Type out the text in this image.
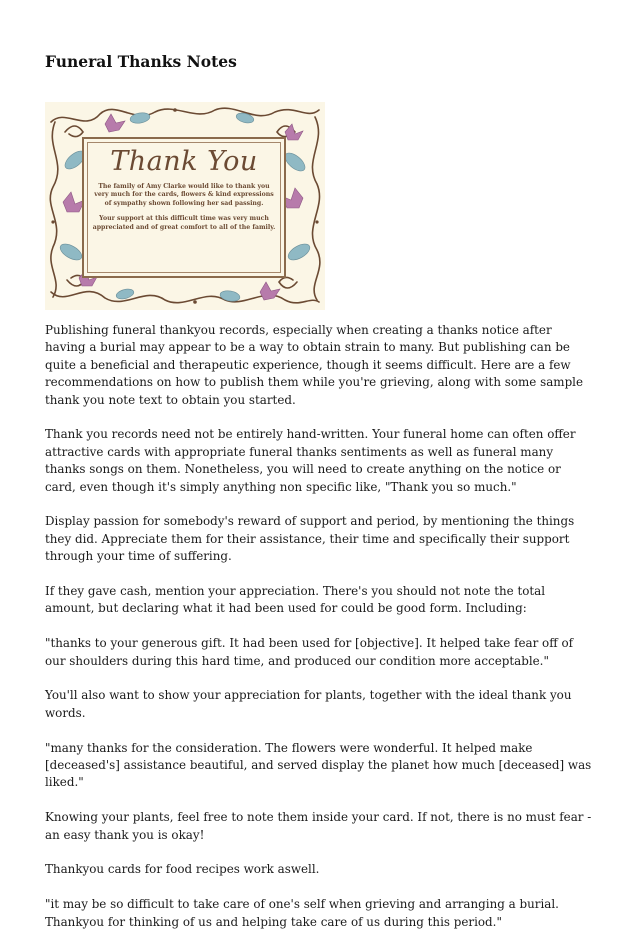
Funeral Thanks Notes
Thank You
The family of Amy Clarke would like to thank you very much for the cards, flowers & kind expressions of sympathy shown following her sad passing.
Your support at this difficult time was very much appreciated and of great comfort to all of the family.

Publishing funeral thankyou records, especially when creating a thanks notice after having a burial may appear to be a way to obtain strain to many. But publishing can be quite a beneficial and therapeutic experience, though it seems difficult. Here are a few recommendations on how to publish them while you're grieving, along with some sample thank you note text to obtain you started.

Thank you records need not be entirely hand-written. Your funeral home can often offer attractive cards with appropriate funeral thanks sentiments as well as funeral many thanks songs on them. Nonetheless, you will need to create anything on the notice or card, even though it's simply anything non specific like, "Thank you so much."

Display passion for somebody's reward of support and period, by mentioning the things they did. Appreciate them for their assistance, their time and specifically their support through your time of suffering.

If they gave cash, mention your appreciation. There's you should not note the total amount, but declaring what it had been used for could be good form. Including:

"thanks to your generous gift. It had been used for [objective]. It helped take fear off of our shoulders during this hard time, and produced our condition more acceptable."

You'll also want to show your appreciation for plants, together with the ideal thank you words.

"many thanks for the consideration. The flowers were wonderful. It helped make [deceased's] assistance beautiful, and served display the planet how much [deceased] was liked."

Knowing your plants, feel free to note them inside your card. If not, there is no must fear - an easy thank you is okay!

Thankyou cards for food recipes work aswell.

"it may be so difficult to take care of one's self when grieving and arranging a burial. Thankyou for thinking of us and helping take care of us during this period."
